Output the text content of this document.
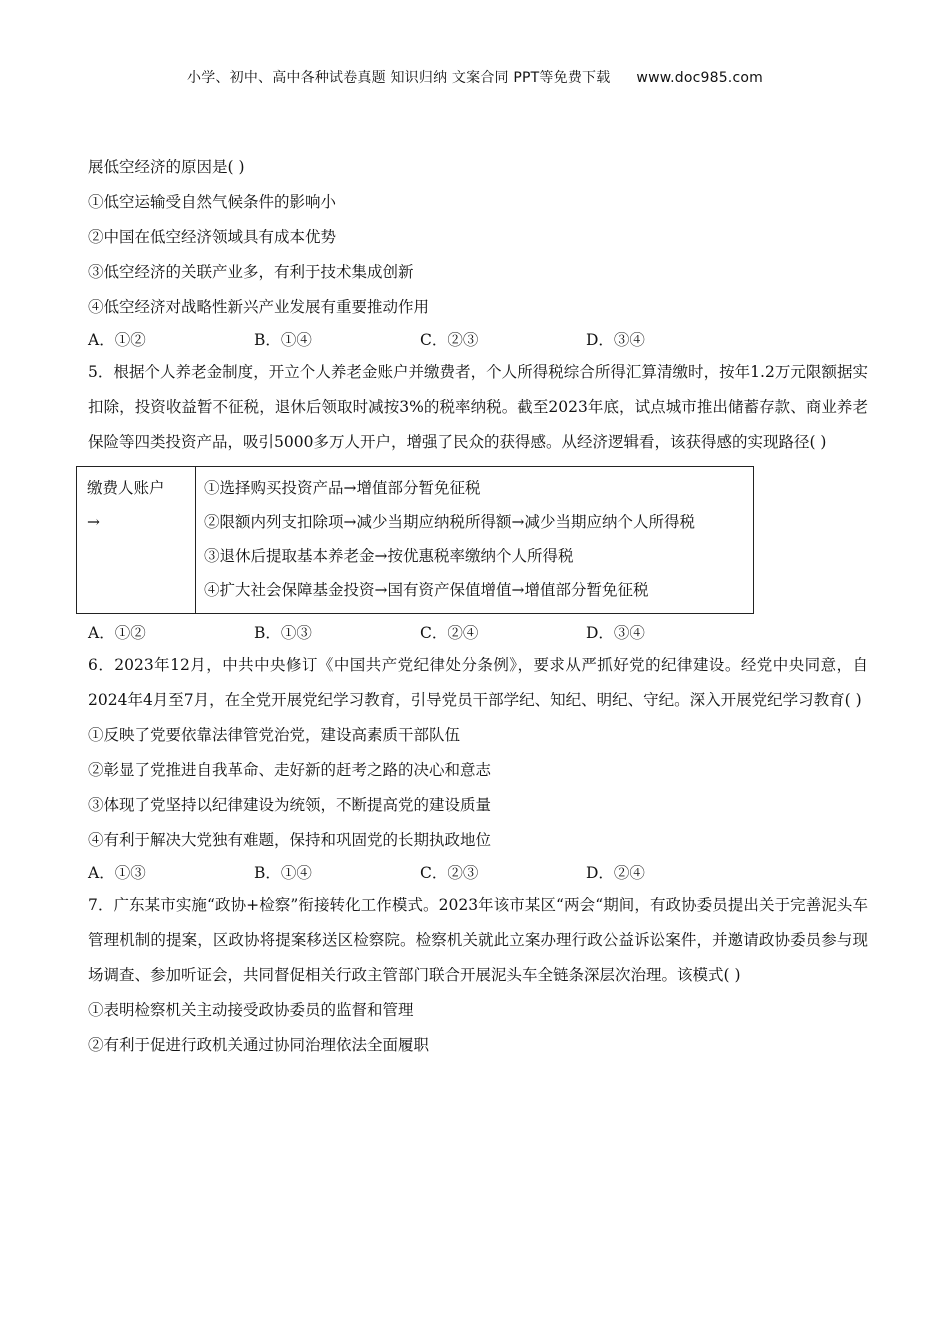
小学、初中、高中各种试卷真题 知识归纳 文案合同 PPT等免费下载 www.doc985.com
展低空经济的原因是( )
①低空运输受自然气候条件的影响小
②中国在低空经济领域具有成本优势
③低空经济的关联产业多，有利于技术集成创新
④低空经济对战略性新兴产业发展有重要推动作用
A．①②	B．①④	C．②③	D．③④
5．根据个人养老金制度，开立个人养老金账户并缴费者，个人所得税综合所得汇算清缴时，按年1.2万元限额据实扣除，投资收益暂不征税，退休后领取时减按3%的税率纳税。截至2023年底，试点城市推出储蓄存款、商业养老保险等四类投资产品，吸引5000多万人开户，增强了民众的获得感。从经济逻辑看，该获得感的实现路径( )
缴费人账户
→
①选择购买投资产品→增值部分暂免征税
②限额内列支扣除项→减少当期应纳税所得额→减少当期应纳个人所得税
③退休后提取基本养老金→按优惠税率缴纳个人所得税
④扩大社会保障基金投资→国有资产保值增值→增值部分暂免征税
A．①②	B．①③	C．②④	D．③④
6．2023年12月，中共中央修订《中国共产党纪律处分条例》，要求从严抓好党的纪律建设。经党中央同意，自2024年4月至7月，在全党开展党纪学习教育，引导党员干部学纪、知纪、明纪、守纪。深入开展党纪学习教育( )
①反映了党要依靠法律管党治党，建设高素质干部队伍
②彰显了党推进自我革命、走好新的赶考之路的决心和意志
③体现了党坚持以纪律建设为统领，不断提高党的建设质量
④有利于解决大党独有难题，保持和巩固党的长期执政地位
A．①③	B．①④	C．②③	D．②④
7．广东某市实施“政协+检察”衔接转化工作模式。2023年该市某区“两会“期间，有政协委员提出关于完善泥头车管理机制的提案，区政协将提案移送区检察院。检察机关就此立案办理行政公益诉讼案件，并邀请政协委员参与现场调查、参加听证会，共同督促相关行政主管部门联合开展泥头车全链条深层次治理。该模式( )
①表明检察机关主动接受政协委员的监督和管理
②有利于促进行政机关通过协同治理依法全面履职
